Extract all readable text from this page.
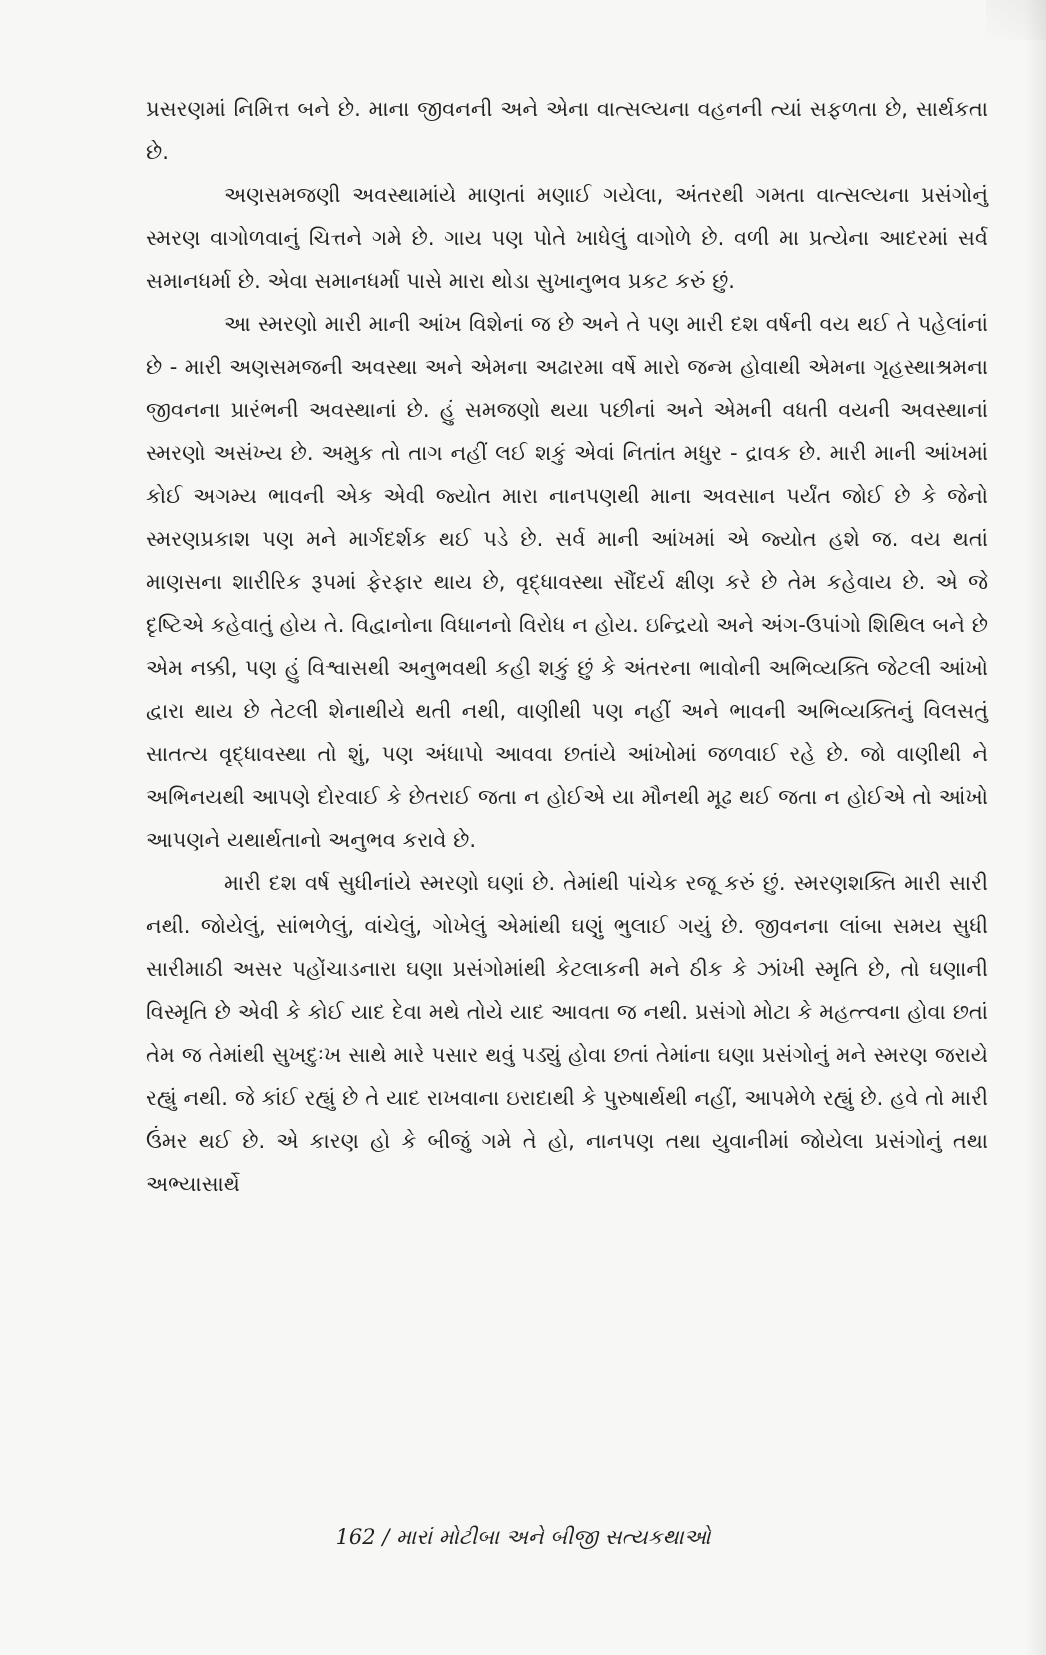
પ્રસરણમાં નિમિત્ત બને છે. માના જીવનની અને એના વાત્સલ્યના વહનની ત્યાં સફળતા છે, સાર્થકતા છે.

અણસમજણી અવસ્થામાંયે માણતાં મણાઈ ગયેલા, અંતરથી ગમતા વાત્સલ્યના પ્રસંગોનું સ્મરણ વાગોળવાનું ચિત્તને ગમે છે. ગાય પણ પોતે ખાધેલું વાગોળે છે. વળી મા પ્રત્યેના આદરમાં સર્વ સમાનધર્મા છે. એવા સમાનધર્મા પાસે મારા થોડા સુખાનુભવ પ્રકટ કરું છું.

આ સ્મરણો મારી માની આંખ વિશેનાં જ છે અને તે પણ મારી દશ વર્ષની વય થઈ તે પહેલાંનાં છે - મારી અણસમજની અવસ્થા અને એમના અઢારમા વર્ષે મારો જન્મ હોવાથી એમના ગૃહસ્થાશ્રમના જીવનના પ્રારંભની અવસ્થાનાં છે. હું સમજણો થયા પછીનાં અને એમની વધતી વયની અવસ્થાનાં સ્મરણો અસંખ્ય છે. અમુક તો તાગ નહીં લઈ શકું એવાં નિતાંત મધુર - દ્રાવક છે. મારી માની આંખમાં કોઈ અગમ્ય ભાવની એક એવી જ્યોત મારા નાનપણથી માના અવસાન પર્યંત જોઈ છે કે જેનો સ્મરણપ્રકાશ પણ મને માર્ગદર્શક થઈ પડે છે. સર્વ માની આંખમાં એ જ્યોત હશે જ. વય થતાં માણસના શારીરિક રૂપમાં ફેરફાર થાય છે, વૃદ્ધાવસ્થા સૌંદર્ય ક્ષીણ કરે છે તેમ કહેવાય છે. એ જે દૃષ્ટિએ કહેવાતું હોય તે. વિદ્વાનોના વિધાનનો વિરોધ ન હોય. ઇન્દ્રિયો અને અંગ-ઉપાંગો શિથિલ બને છે એમ નક્કી, પણ હું વિશ્વાસથી અનુભવથી કહી શકું છું કે અંતરના ભાવોની અભિવ્યક્તિ જેટલી આંખો દ્વારા થાય છે તેટલી શેનાથીયે થતી નથી, વાણીથી પણ નહીં અને ભાવની અભિવ્યક્તિનું વિલસતું સાતત્ય વૃદ્ધાવસ્થા તો શું, પણ અંધાપો આવવા છતાંયે આંખોમાં જળવાઈ રહે છે. જો વાણીથી ને અભિનયથી આપણે દોરવાઈ કે છેતરાઈ જતા ન હોઈએ યા મૌનથી મૂઢ થઈ જતા ન હોઈએ તો આંખો આપણને યથાર્થતાનો અનુભવ કરાવે છે.

મારી દશ વર્ષ સુધીનાંયે સ્મરણો ઘણાં છે. તેમાંથી પાંચેક રજૂ કરું છું. સ્મરણશક્તિ મારી સારી નથી. જોયેલું, સાંભળેલું, વાંચેલું, ગોખેલું એમાંથી ઘણું ભુલાઈ ગયું છે. જીવનના લાંબા સમય સુધી સારીમાઠી અસર પહોંચાડનારા ઘણા પ્રસંગોમાંથી કેટલાકની મને ઠીક કે ઝાંખી સ્મૃતિ છે, તો ઘણાની વિસ્મૃતિ છે એવી કે કોઈ યાદ દેવા મથે તોયે યાદ આવતા જ નથી. પ્રસંગો મોટા કે મહત્ત્વના હોવા છતાં તેમ જ તેમાંથી સુખદુઃખ સાથે મારે પસાર થવું પડ્યું હોવા છતાં તેમાંના ઘણા પ્રસંગોનું મને સ્મરણ જરાયે રહ્યું નથી. જે કાંઈ રહ્યું છે તે યાદ રાખવાના ઇરાદાથી કે પુરુષાર્થથી નહીં, આપમેળે રહ્યું છે. હવે તો મારી ઉંમર થઈ છે. એ કારણ હો કે બીજું ગમે તે હો, નાનપણ તથા યુવાનીમાં જોયેલા પ્રસંગોનું તથા અભ્યાસાર્થે

162 / મારાં મોટીબા અને બીજી સત્યકથાઓ
